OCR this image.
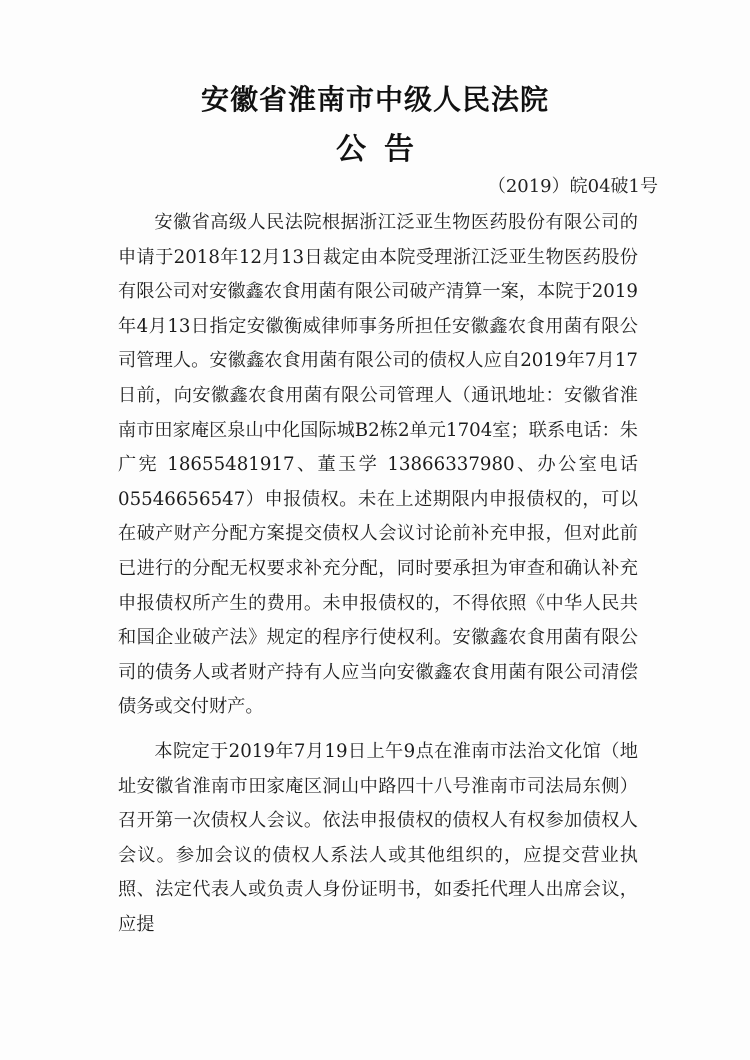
安徽省淮南市中级人民法院
公告
（2019）皖04破1号

安徽省高级人民法院根据浙江泛亚生物医药股份有限公司的申请于2018年12月13日裁定由本院受理浙江泛亚生物医药股份有限公司对安徽鑫农食用菌有限公司破产清算一案，本院于2019年4月13日指定安徽衡威律师事务所担任安徽鑫农食用菌有限公司管理人。安徽鑫农食用菌有限公司的债权人应自2019年7月17日前，向安徽鑫农食用菌有限公司管理人（通讯地址：安徽省淮南市田家庵区泉山中化国际城B2栋2单元1704室；联系电话：朱广宪 18655481917、董玉学 13866337980、办公室电话05546656547）申报债权。未在上述期限内申报债权的，可以在破产财产分配方案提交债权人会议讨论前补充申报，但对此前已进行的分配无权要求补充分配，同时要承担为审查和确认补充申报债权所产生的费用。未申报债权的，不得依照《中华人民共和国企业破产法》规定的程序行使权利。安徽鑫农食用菌有限公司的债务人或者财产持有人应当向安徽鑫农食用菌有限公司清偿债务或交付财产。

本院定于2019年7月19日上午9点在淮南市法治文化馆（地址安徽省淮南市田家庵区洞山中路四十八号淮南市司法局东侧）召开第一次债权人会议。依法申报债权的债权人有权参加债权人会议。参加会议的债权人系法人或其他组织的，应提交营业执照、法定代表人或负责人身份证明书，如委托代理人出席会议，应提
